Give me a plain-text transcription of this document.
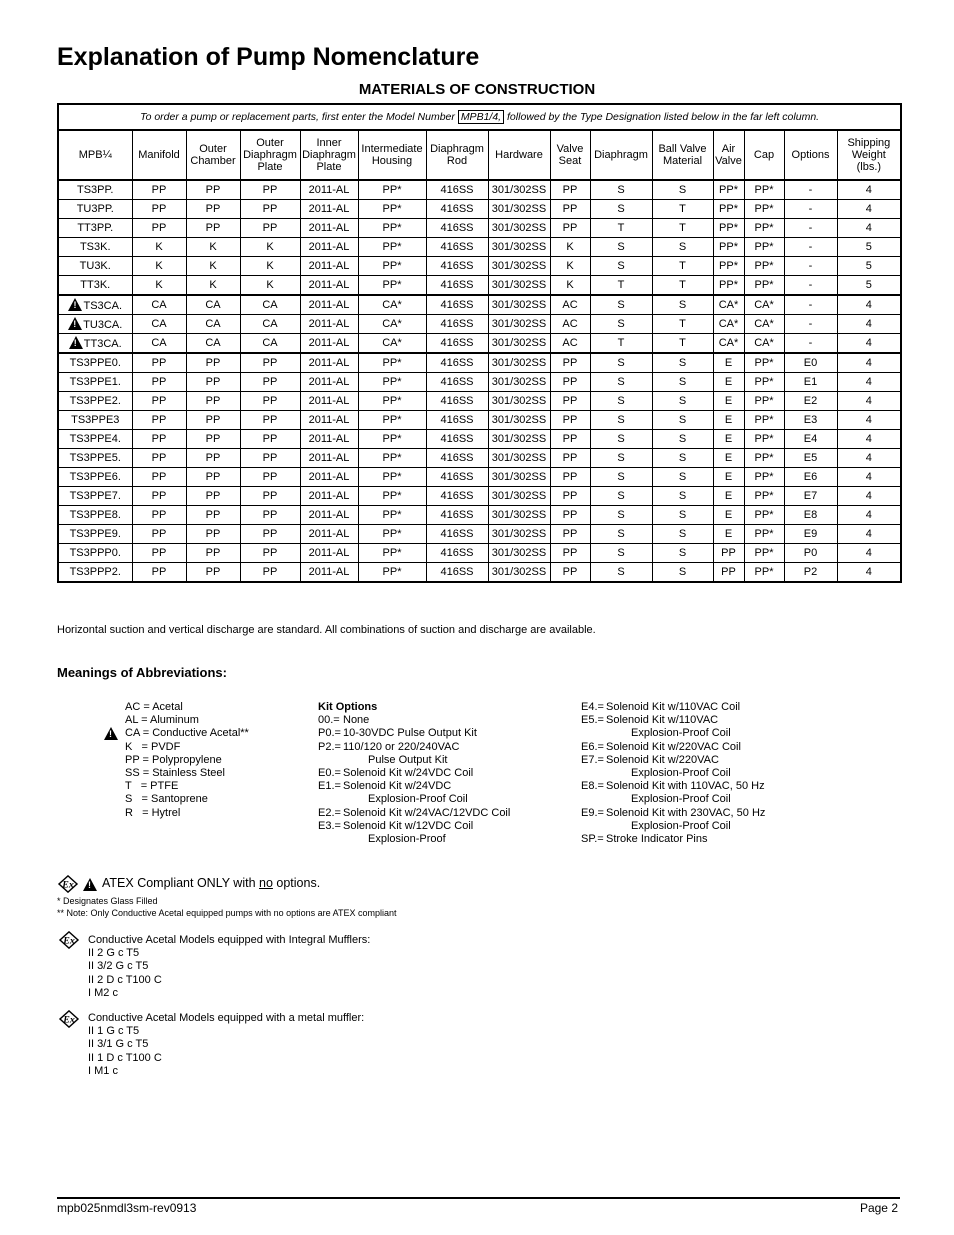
Explanation of Pump Nomenclature
MATERIALS OF CONSTRUCTION
To order a pump or replacement parts, first enter the Model Number MPB1/4, followed by the Type Designation listed below in the far left column.														
MPB¼	Manifold	Outer Chamber	Outer Diaphragm Plate	Inner Diaphragm Plate	Intermediate Housing	Diaphragm Rod	Hardware	Valve Seat	Diaphragm	Ball Valve Material	Air Valve	Cap	Options	Shipping Weight (lbs.)
TS3PP.	PP	PP	PP	2011-AL	PP*	416SS	301/302SS	PP	S	S	PP*	PP*	-	4
TU3PP.	PP	PP	PP	2011-AL	PP*	416SS	301/302SS	PP	S	T	PP*	PP*	-	4
TT3PP.	PP	PP	PP	2011-AL	PP*	416SS	301/302SS	PP	T	T	PP*	PP*	-	4
TS3K.	K	K	K	2011-AL	PP*	416SS	301/302SS	K	S	S	PP*	PP*	-	5
TU3K.	K	K	K	2011-AL	PP*	416SS	301/302SS	K	S	T	PP*	PP*	-	5
TT3K.	K	K	K	2011-AL	PP*	416SS	301/302SS	K	T	T	PP*	PP*	-	5
!TS3CA.	CA	CA	CA	2011-AL	CA*	416SS	301/302SS	AC	S	S	CA*	CA*	-	4
!TU3CA.	CA	CA	CA	2011-AL	CA*	416SS	301/302SS	AC	S	T	CA*	CA*	-	4
!TT3CA.	CA	CA	CA	2011-AL	CA*	416SS	301/302SS	AC	T	T	CA*	CA*	-	4
TS3PPE0.	PP	PP	PP	2011-AL	PP*	416SS	301/302SS	PP	S	S	E	PP*	E0	4
TS3PPE1.	PP	PP	PP	2011-AL	PP*	416SS	301/302SS	PP	S	S	E	PP*	E1	4
TS3PPE2.	PP	PP	PP	2011-AL	PP*	416SS	301/302SS	PP	S	S	E	PP*	E2	4
TS3PPE3	PP	PP	PP	2011-AL	PP*	416SS	301/302SS	PP	S	S	E	PP*	E3	4
TS3PPE4.	PP	PP	PP	2011-AL	PP*	416SS	301/302SS	PP	S	S	E	PP*	E4	4
TS3PPE5.	PP	PP	PP	2011-AL	PP*	416SS	301/302SS	PP	S	S	E	PP*	E5	4
TS3PPE6.	PP	PP	PP	2011-AL	PP*	416SS	301/302SS	PP	S	S	E	PP*	E6	4
TS3PPE7.	PP	PP	PP	2011-AL	PP*	416SS	301/302SS	PP	S	S	E	PP*	E7	4
TS3PPE8.	PP	PP	PP	2011-AL	PP*	416SS	301/302SS	PP	S	S	E	PP*	E8	4
TS3PPE9.	PP	PP	PP	2011-AL	PP*	416SS	301/302SS	PP	S	S	E	PP*	E9	4
TS3PPP0.	PP	PP	PP	2011-AL	PP*	416SS	301/302SS	PP	S	S	PP	PP*	P0	4
TS3PPP2.	PP	PP	PP	2011-AL	PP*	416SS	301/302SS	PP	S	S	PP	PP*	P2	4
Horizontal suction and vertical discharge are standard. All combinations of suction and discharge are available.
Meanings of Abbreviations:
AC = Acetal
AL = Aluminum
!
CA = Conductive Acetal**
K   = PVDF
PP = Polypropylene
SS = Stainless Steel
T   = PTFE
S   = Santoprene
R   = Hytrel
Kit Options
00.= None
P0.= 10-30VDC Pulse Output Kit
P2.= 110/120 or 220/240VAC
Pulse Output Kit
E0.= Solenoid Kit w/24VDC Coil
E1.= Solenoid Kit w/24VDC
Explosion-Proof Coil
E2.= Solenoid Kit w/24VAC/12VDC Coil
E3.= Solenoid Kit w/12VDC Coil
Explosion-Proof
E4.= Solenoid Kit w/110VAC Coil
E5.= Solenoid Kit w/110VAC
Explosion-Proof Coil
E6.= Solenoid Kit w/220VAC Coil
E7.= Solenoid Kit w/220VAC
Explosion-Proof Coil
E8.= Solenoid Kit with 110VAC, 50 Hz
Explosion-Proof Coil
E9.= Solenoid Kit with 230VAC, 50 Hz
Explosion-Proof Coil
SP.= Stroke Indicator Pins
Ex ! ATEX Compliant ONLY with no options.
* Designates Glass Filled
** Note: Only Conductive Acetal equipped pumps with no options are ATEX compliant
Ex Conductive Acetal Models equipped with Integral Mufflers:
II 2 G c T5
II 3/2 G c T5
II 2 D c T100 C
I M2 c
Ex Conductive Acetal Models equipped with a metal muffler:
II 1 G c T5
II 3/1 G c T5
II 1 D c T100 C
I M1 c
mpb025nmdl3sm-rev0913	Page 2
